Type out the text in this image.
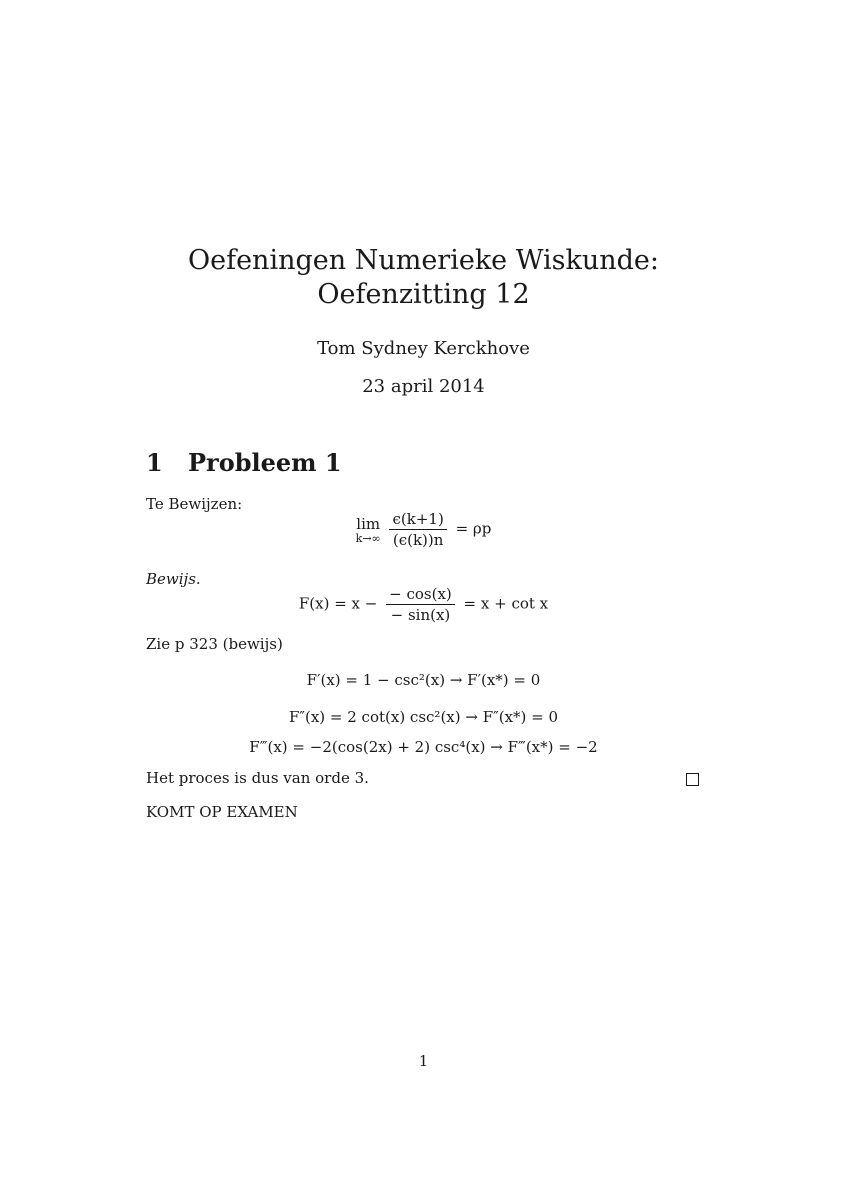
Oefeningen Numerieke Wiskunde:
Oefenzitting 12
Tom Sydney Kerckhove
23 april 2014
1 Probleem 1
Te Bewijzen:
lim
k→∞
$\frac{\epsilon(k+1)}{(\epsilon(k))n} = \rho p$
Bewijs.
$F(x) = x - \frac{- \cos(x)}{- \sin(x)} = x + \cot x$
Zie p 323 (bewijs)
F′(x) = 1 − csc²(x) → F′(x*) = 0
F″(x) = 2 cot(x) csc²(x) → F″(x*) = 0
F‴(x) = −2(cos(2x) + 2) csc⁴(x) → F‴(x*) = −2
Het proces is dus van orde 3.
KOMT OP EXAMEN
1
